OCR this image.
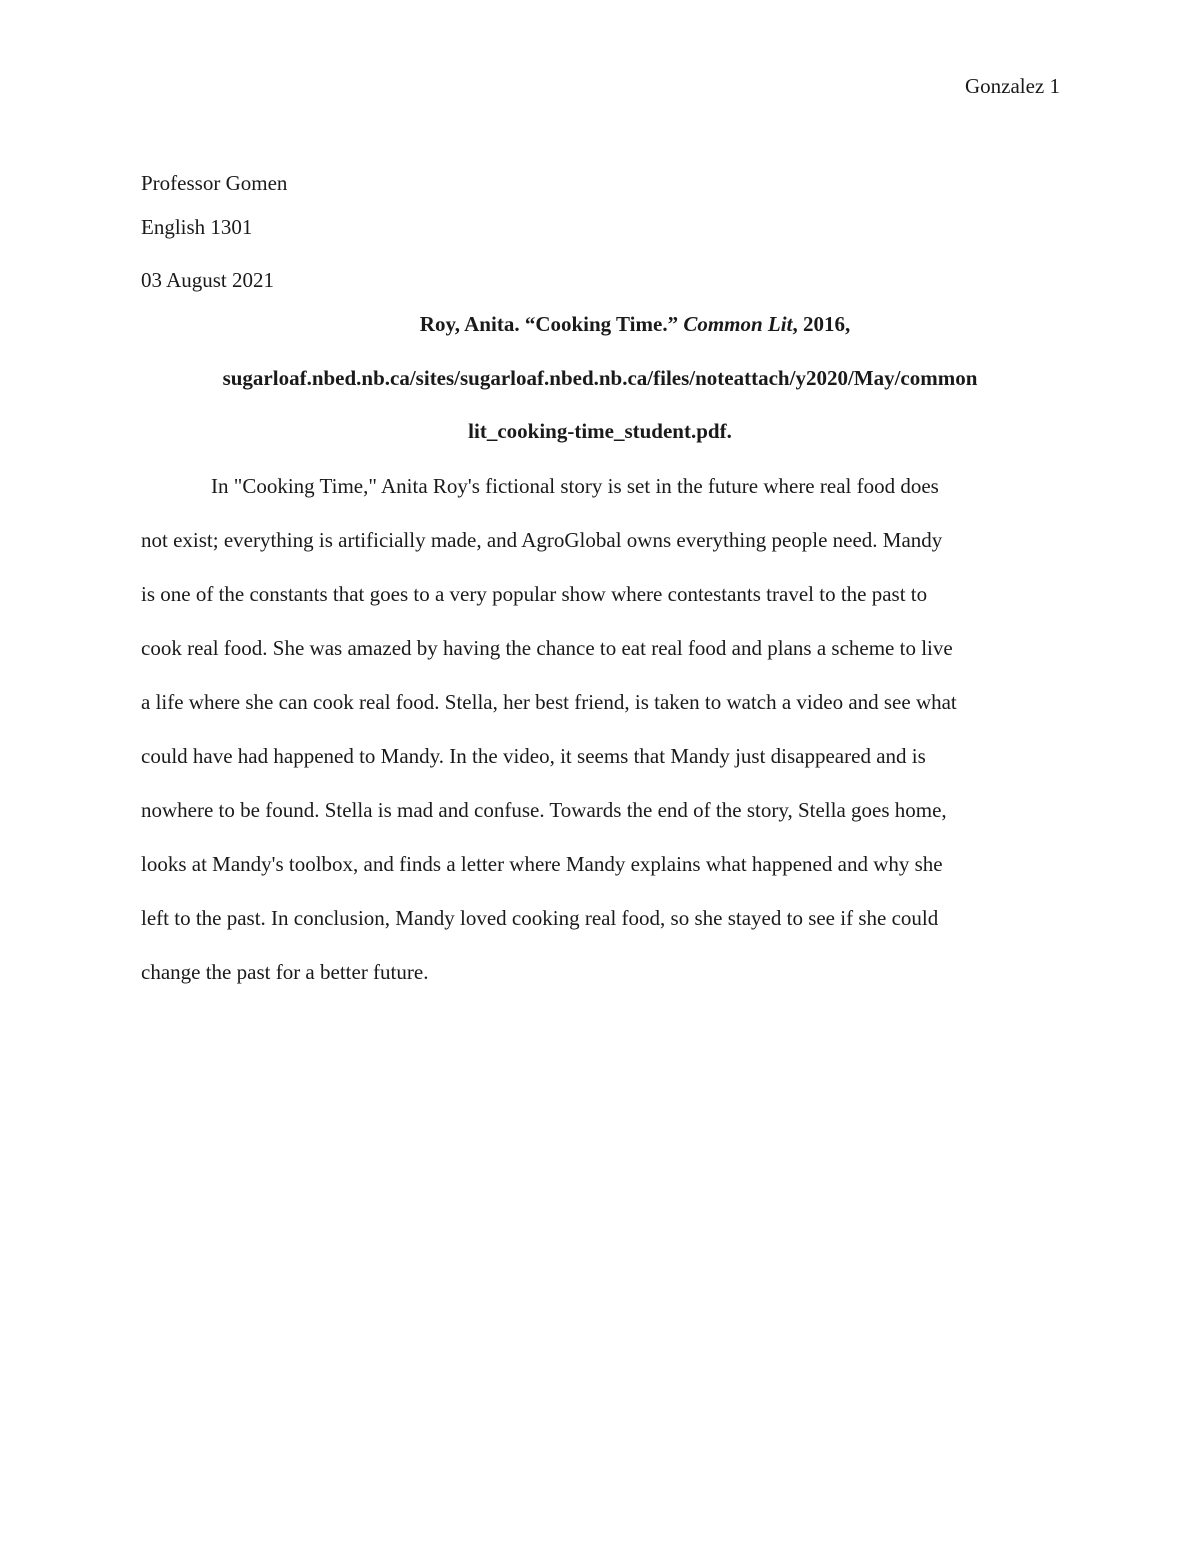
Gonzalez 1
Professor Gomen
English 1301
03 August 2021
Roy, Anita. “Cooking Time.” Common Lit, 2016,
sugarloaf.nbed.nb.ca/sites/sugarloaf.nbed.nb.ca/files/noteattach/y2020/May/common
lit_cooking-time_student.pdf.
In "Cooking Time," Anita Roy's fictional story is set in the future where real food does
not exist; everything is artificially made, and AgroGlobal owns everything people need. Mandy
is one of the constants that goes to a very popular show where contestants travel to the past to
cook real food. She was amazed by having the chance to eat real food and plans a scheme to live
a life where she can cook real food. Stella, her best friend, is taken to watch a video and see what
could have had happened to Mandy. In the video, it seems that Mandy just disappeared and is
nowhere to be found. Stella is mad and confuse. Towards the end of the story, Stella goes home,
looks at Mandy's toolbox, and finds a letter where Mandy explains what happened and why she
left to the past. In conclusion, Mandy loved cooking real food, so she stayed to see if she could
change the past for a better future.
